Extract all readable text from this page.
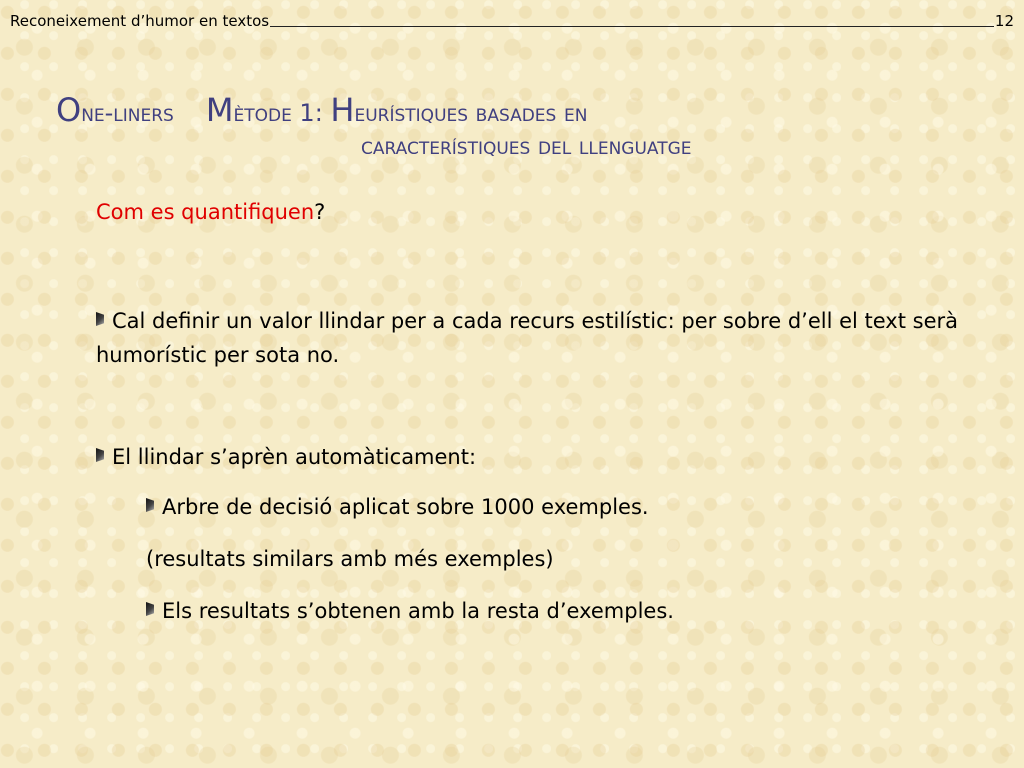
Reconeixement d’humor en textos	12
One-liners Mètode 1: Heurístiques basades en
característiques del llenguatge
Com es quantifiquen?
Cal definir un valor llindar per a cada recurs estilístic: per sobre d’ell el text serà humorístic per sota no.
El llindar s’aprèn automàticament:
Arbre de decisió aplicat sobre 1000 exemples.
(resultats similars amb més exemples)
Els resultats s’obtenen amb la resta d’exemples.
